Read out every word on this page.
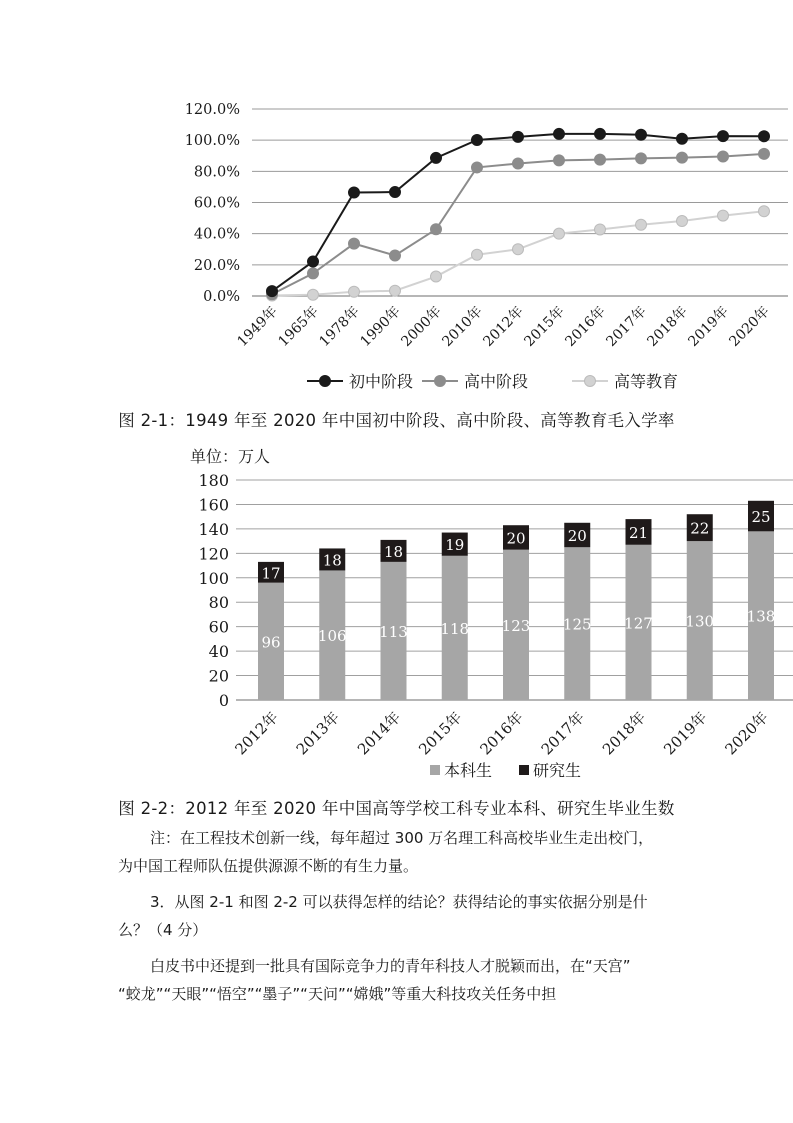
0.0%
20.0%
40.0%
60.0%
80.0%
100.0%
120.0%
1949年
1965年
1978年
1990年
2000年
2010年
2012年
2015年
2016年
2017年
2018年
2019年
2020年
初中阶段	高中阶段	高等教育
0
20
40
60
80
100
120
140
160
180
96
17
2012年
106
18
2013年
113
18
2014年
118
19
2015年
123
20
2016年
125
20
2017年
127
21
2018年
130
22
2019年
138
25
2020年
本科生	研究生
图 2-1：1949 年至 2020 年中国初中阶段、高中阶段、高等教育毛入学率
单位：万人
图 2-2：2012 年至 2020 年中国高等学校工科专业本科、研究生毕业生数
注：在工程技术创新一线，每年超过 300 万名理工科高校毕业生走出校门，
为中国工程师队伍提供源源不断的有生力量。
3．从图 2-1 和图 2-2 可以获得怎样的结论？获得结论的事实依据分别是什
么？（4 分）
白皮书中还提到一批具有国际竞争力的青年科技人才脱颖而出，在“天宫”
“蛟龙”“天眼”“悟空”“墨子”“天问”“嫦娥”等重大科技攻关任务中担
